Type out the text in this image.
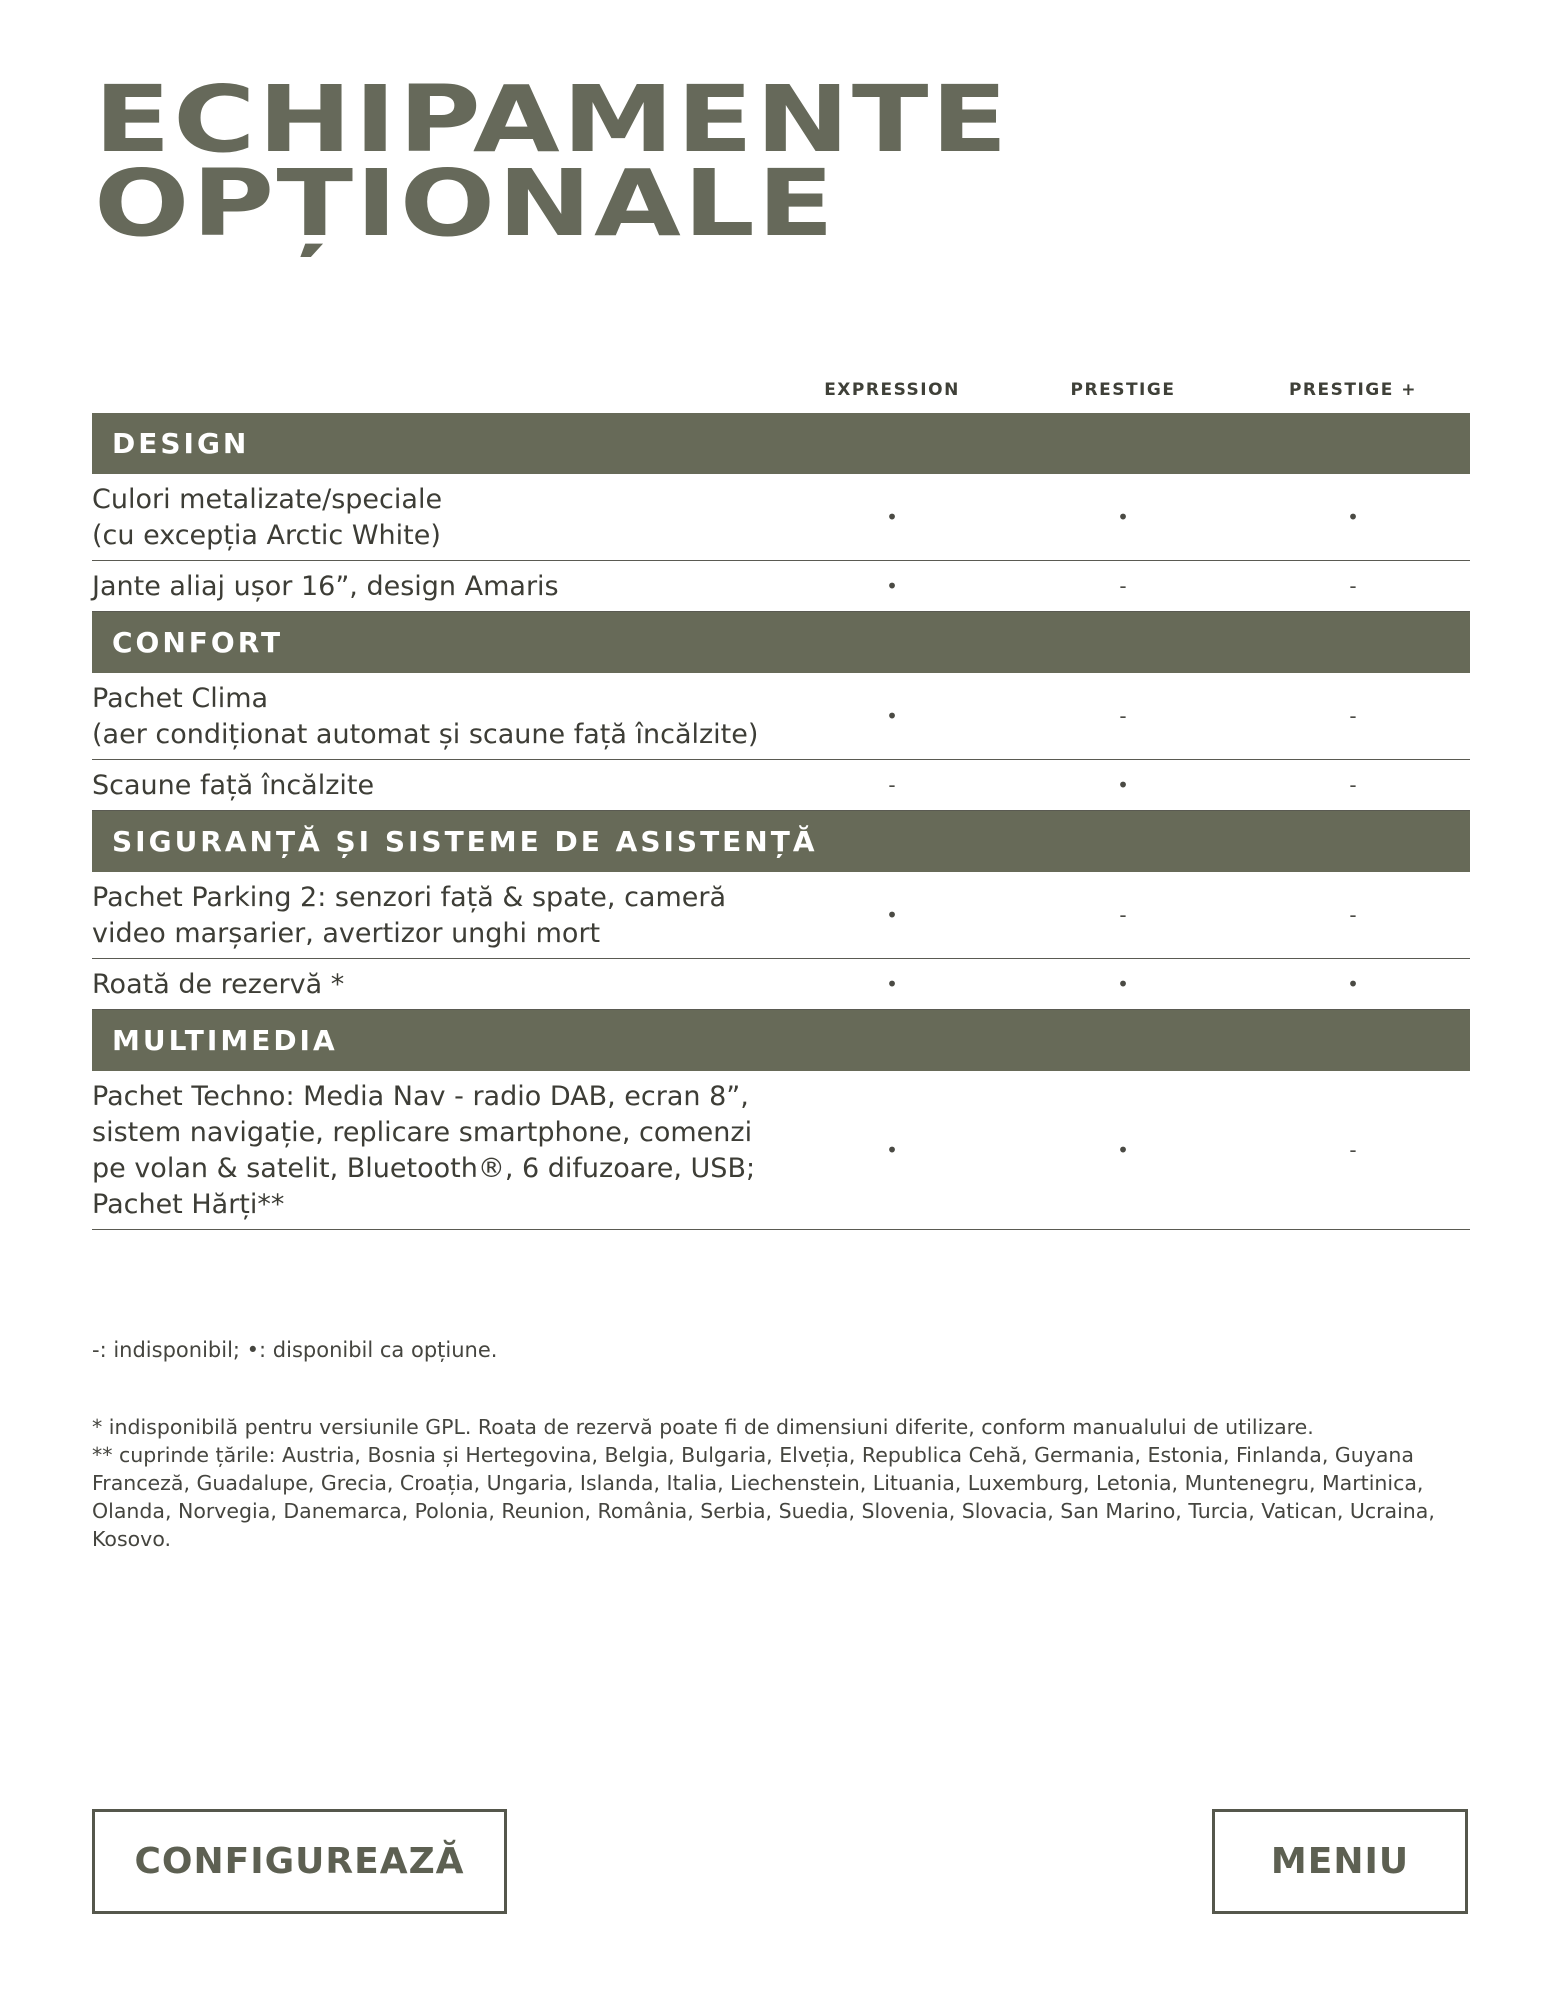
ECHIPAMENTE
OPȚIONALE
EXPRESSION	PRESTIGE	PRESTIGE +
DESIGN
Culori metalizate/speciale
(cu excepția Arctic White)
•	•	•
Jante aliaj ușor 16”, design Amaris	•	-	-
CONFORT
Pachet Clima
(aer condiționat automat și scaune față încălzite)
•	-	-
Scaune față încălzite	-	•	-
SIGURANȚĂ ȘI SISTEME DE ASISTENȚĂ
Pachet Parking 2: senzori față & spate, cameră
video marșarier, avertizor unghi mort
•	-	-
Roată de rezervă *	•	•	•
MULTIMEDIA
Pachet Techno: Media Nav - radio DAB, ecran 8”,
sistem navigație, replicare smartphone, comenzi
pe volan & satelit, Bluetooth®, 6 difuzoare, USB;
Pachet Hărți**
•	•	-

-: indisponibil; •: disponibil ca opțiune.

* indisponibilă pentru versiunile GPL. Roata de rezervă poate fi de dimensiuni diferite, conform manualului de utilizare.

** cuprinde țările: Austria, Bosnia și Hertegovina, Belgia, Bulgaria, Elveția, Republica Cehă, Germania, Estonia, Finlanda, Guyana Franceză, Guadalupe, Grecia, Croația, Ungaria, Islanda, Italia, Liechenstein, Lituania, Luxemburg, Letonia, Muntenegru, Martinica, Olanda, Norvegia, Danemarca, Polonia, Reunion, România, Serbia, Suedia, Slovenia, Slovacia, San Marino, Turcia, Vatican, Ucraina, Kosovo.

CONFIGUREAZĂ	MENIU
